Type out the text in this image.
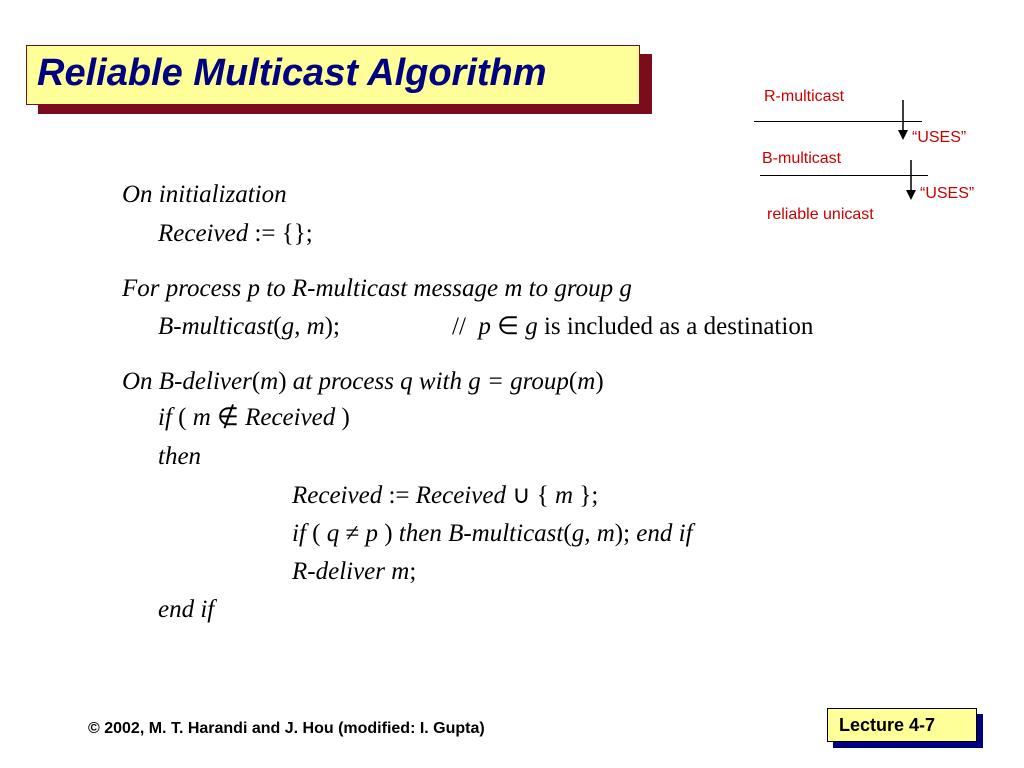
Reliable Multicast Algorithm
R-multicast
“USES”
B-multicast
“USES”
reliable unicast
On initialization
Received := {};
For process p to R-multicast message m to group g
B-multicast(g, m);	// p ∈ g is included as a destination
On B-deliver(m) at process q with g = group(m)
if ( m ∉ Received )
then
Received := Received ∪ { m };
if ( q ≠ p ) then B-multicast(g, m); end if
R-deliver m;
end if
© 2002, M. T. Harandi and J. Hou (modified: I. Gupta)	Lecture 4-7
